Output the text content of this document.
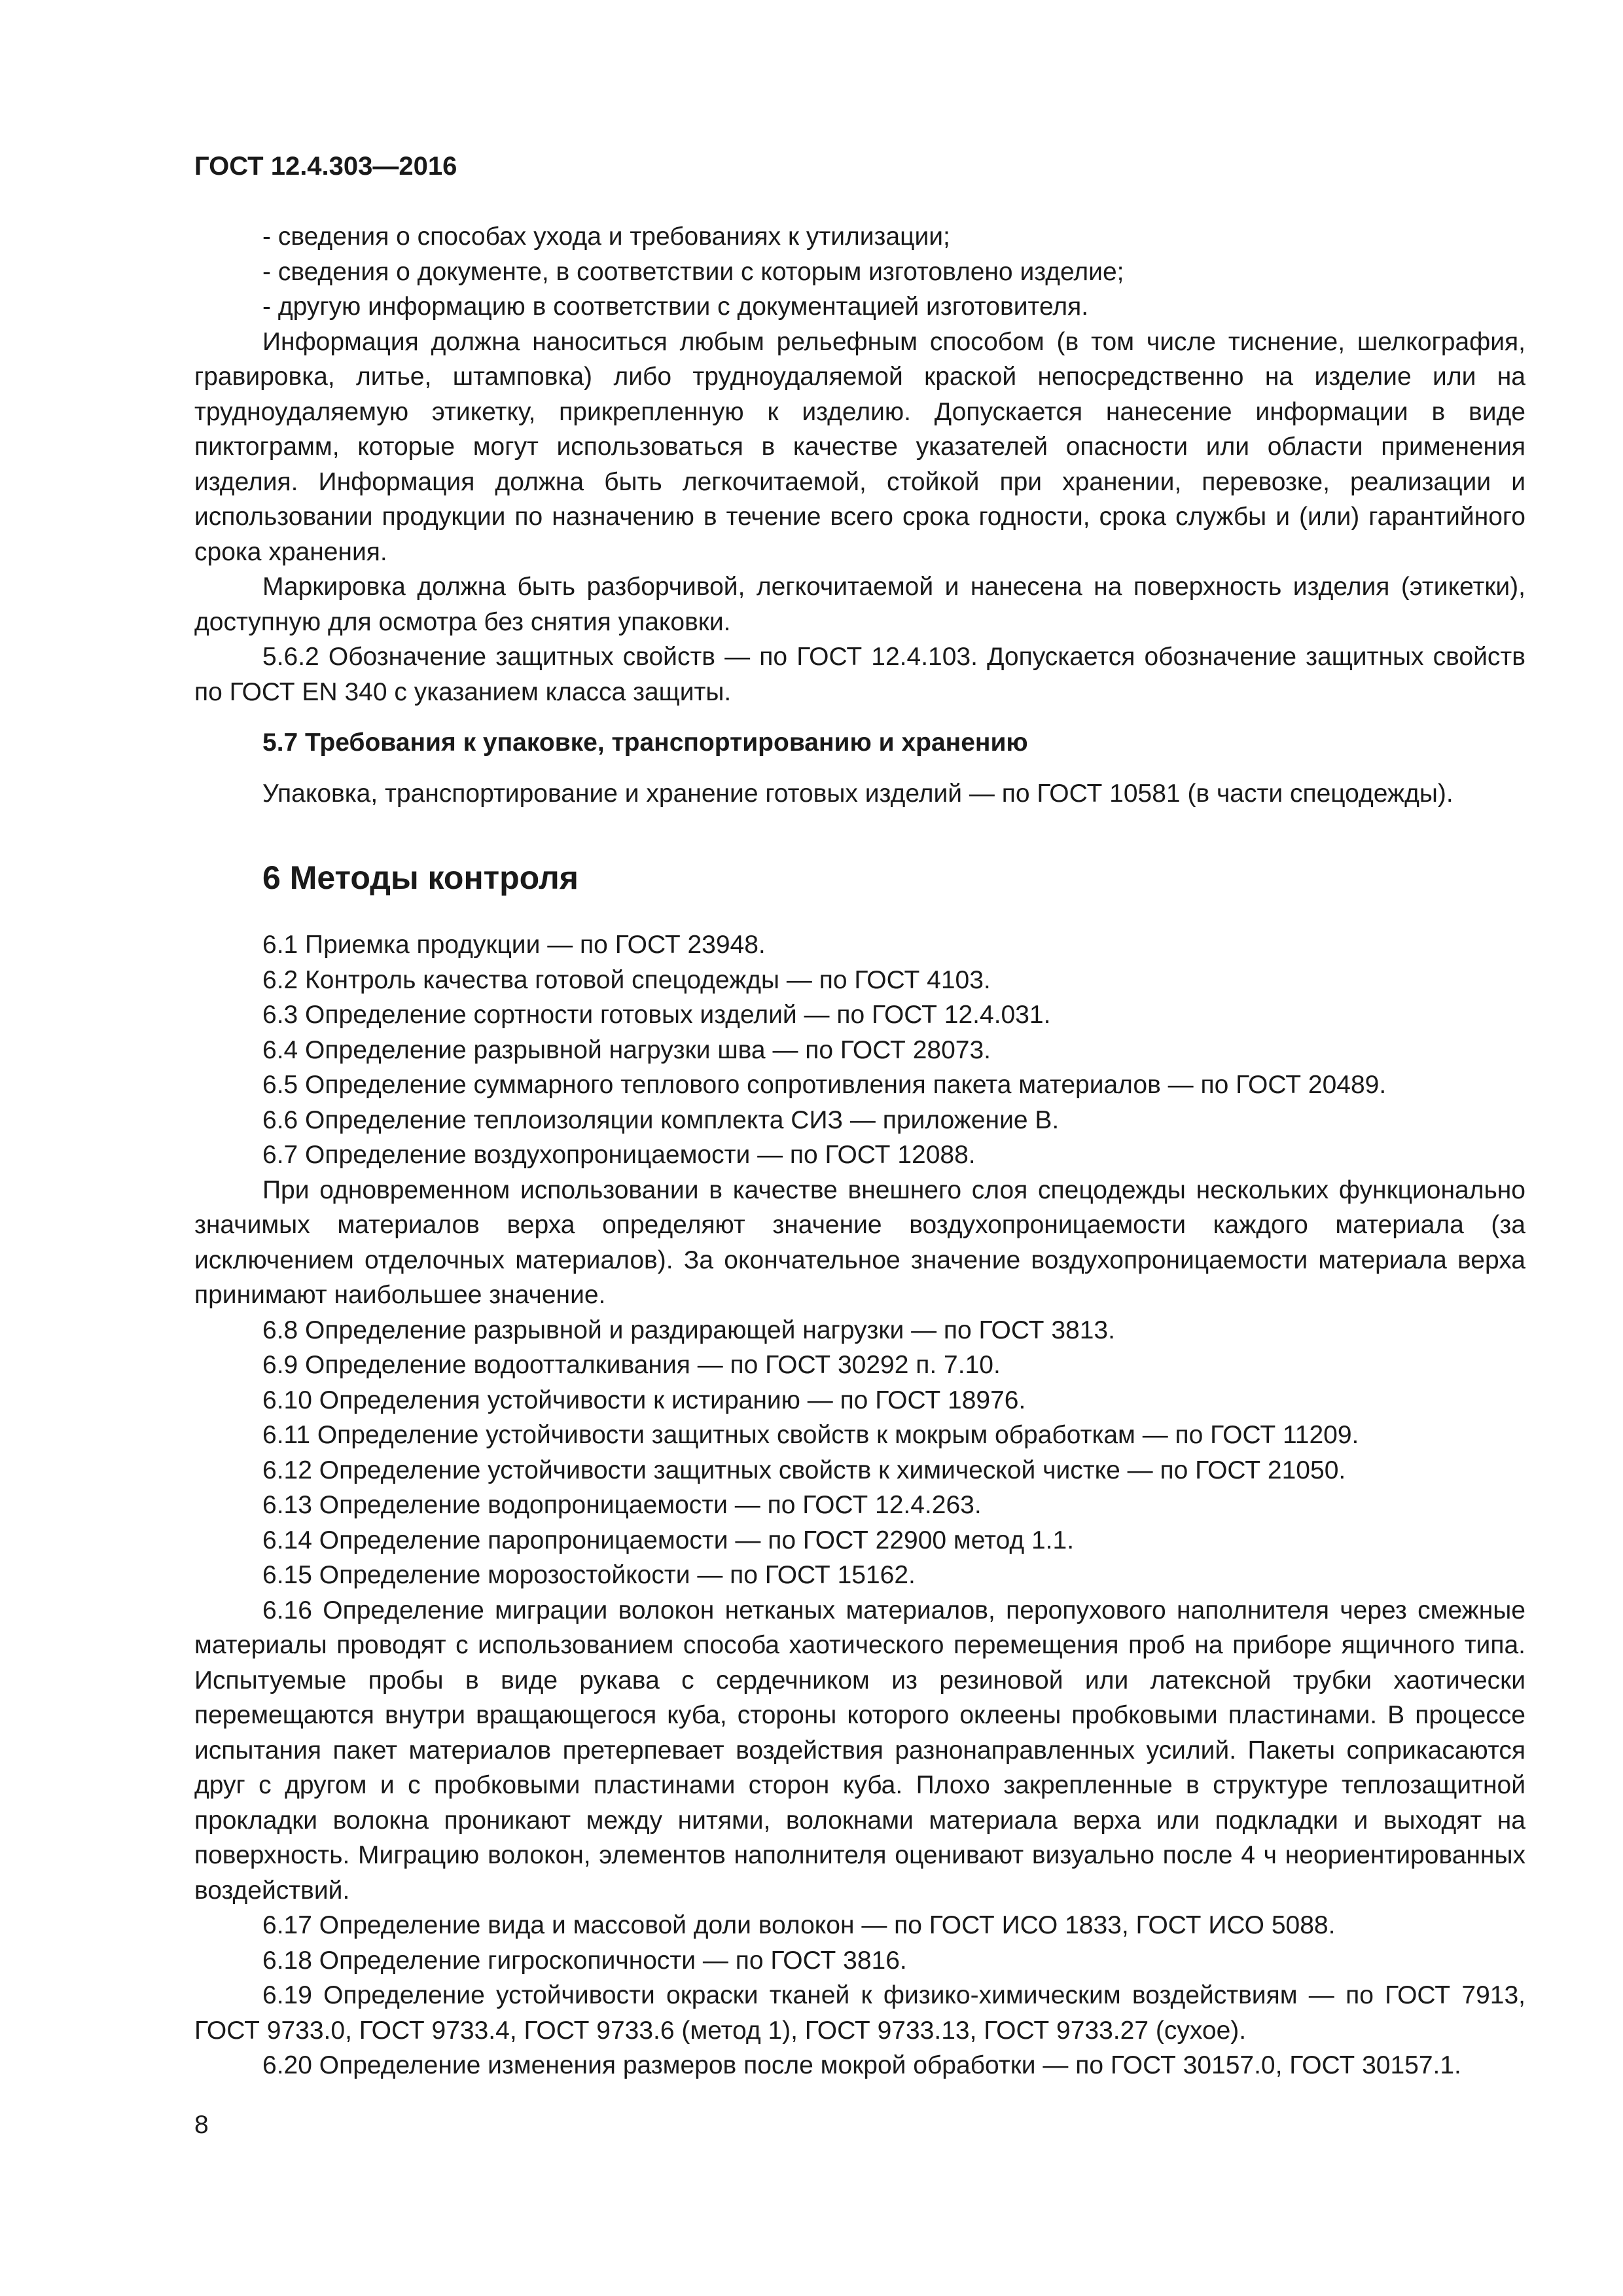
ГОСТ 12.4.303—2016

- сведения о способах ухода и требованиях к утилизации;

- сведения о документе, в соответствии с которым изготовлено изделие;

- другую информацию в соответствии с документацией изготовителя.

Информация должна наноситься любым рельефным способом (в том числе тиснение, шелкография, гравировка, литье, штамповка) либо трудноудаляемой краской непосредственно на изделие или на трудноудаляемую этикетку, прикрепленную к изделию. Допускается нанесение информации в виде пиктограмм, которые могут использоваться в качестве указателей опасности или области применения изделия. Информация должна быть легкочитаемой, стойкой при хранении, перевозке, реализации и использовании продукции по назначению в течение всего срока годности, срока службы и (или) гарантийного срока хранения.

Маркировка должна быть разборчивой, легкочитаемой и нанесена на поверхность изделия (этикетки), доступную для осмотра без снятия упаковки.

5.6.2 Обозначение защитных свойств — по ГОСТ 12.4.103. Допускается обозначение защитных свойств по ГОСТ EN 340 с указанием класса защиты.

5.7 Требования к упаковке, транспортированию и хранению

Упаковка, транспортирование и хранение готовых изделий — по ГОСТ 10581 (в части спецодежды).

6 Методы контроля

6.1 Приемка продукции — по ГОСТ 23948.

6.2 Контроль качества готовой спецодежды — по ГОСТ 4103.

6.3 Определение сортности готовых изделий — по ГОСТ 12.4.031.

6.4 Определение разрывной нагрузки шва — по ГОСТ 28073.

6.5 Определение суммарного теплового сопротивления пакета материалов — по ГОСТ 20489.

6.6 Определение теплоизоляции комплекта СИЗ — приложение В.

6.7 Определение воздухопроницаемости — по ГОСТ 12088.

При одновременном использовании в качестве внешнего слоя спецодежды нескольких функционально значимых материалов верха определяют значение воздухопроницаемости каждого материала (за исключением отделочных материалов). За окончательное значение воздухопроницаемости материала верха принимают наибольшее значение.

6.8 Определение разрывной и раздирающей нагрузки — по ГОСТ 3813.

6.9 Определение водоотталкивания — по ГОСТ 30292 п. 7.10.

6.10 Определения устойчивости к истиранию — по ГОСТ 18976.

6.11 Определение устойчивости защитных свойств к мокрым обработкам — по ГОСТ 11209.

6.12 Определение устойчивости защитных свойств к химической чистке — по ГОСТ 21050.

6.13 Определение водопроницаемости — по ГОСТ 12.4.263.

6.14 Определение паропроницаемости — по ГОСТ 22900 метод 1.1.

6.15 Определение морозостойкости — по ГОСТ 15162.

6.16 Определение миграции волокон нетканых материалов, перопухового наполнителя через смежные материалы проводят с использованием способа хаотического перемещения проб на приборе ящичного типа. Испытуемые пробы в виде рукава с сердечником из резиновой или латексной трубки хаотически перемещаются внутри вращающегося куба, стороны которого оклеены пробковыми пластинами. В процессе испытания пакет материалов претерпевает воздействия разнонаправленных усилий. Пакеты соприкасаются друг с другом и с пробковыми пластинами сторон куба. Плохо закрепленные в структуре теплозащитной прокладки волокна проникают между нитями, волокнами материала верха или подкладки и выходят на поверхность. Миграцию волокон, элементов наполнителя оценивают визуально после 4 ч неориентированных воздействий.

6.17 Определение вида и массовой доли волокон — по ГОСТ ИСО 1833, ГОСТ ИСО 5088.

6.18 Определение гигроскопичности — по ГОСТ 3816.

6.19 Определение устойчивости окраски тканей к физико-химическим воздействиям — по ГОСТ 7913, ГОСТ 9733.0, ГОСТ 9733.4, ГОСТ 9733.6 (метод 1), ГОСТ 9733.13, ГОСТ 9733.27 (сухое).

6.20 Определение изменения размеров после мокрой обработки — по ГОСТ 30157.0, ГОСТ 30157.1.

8
